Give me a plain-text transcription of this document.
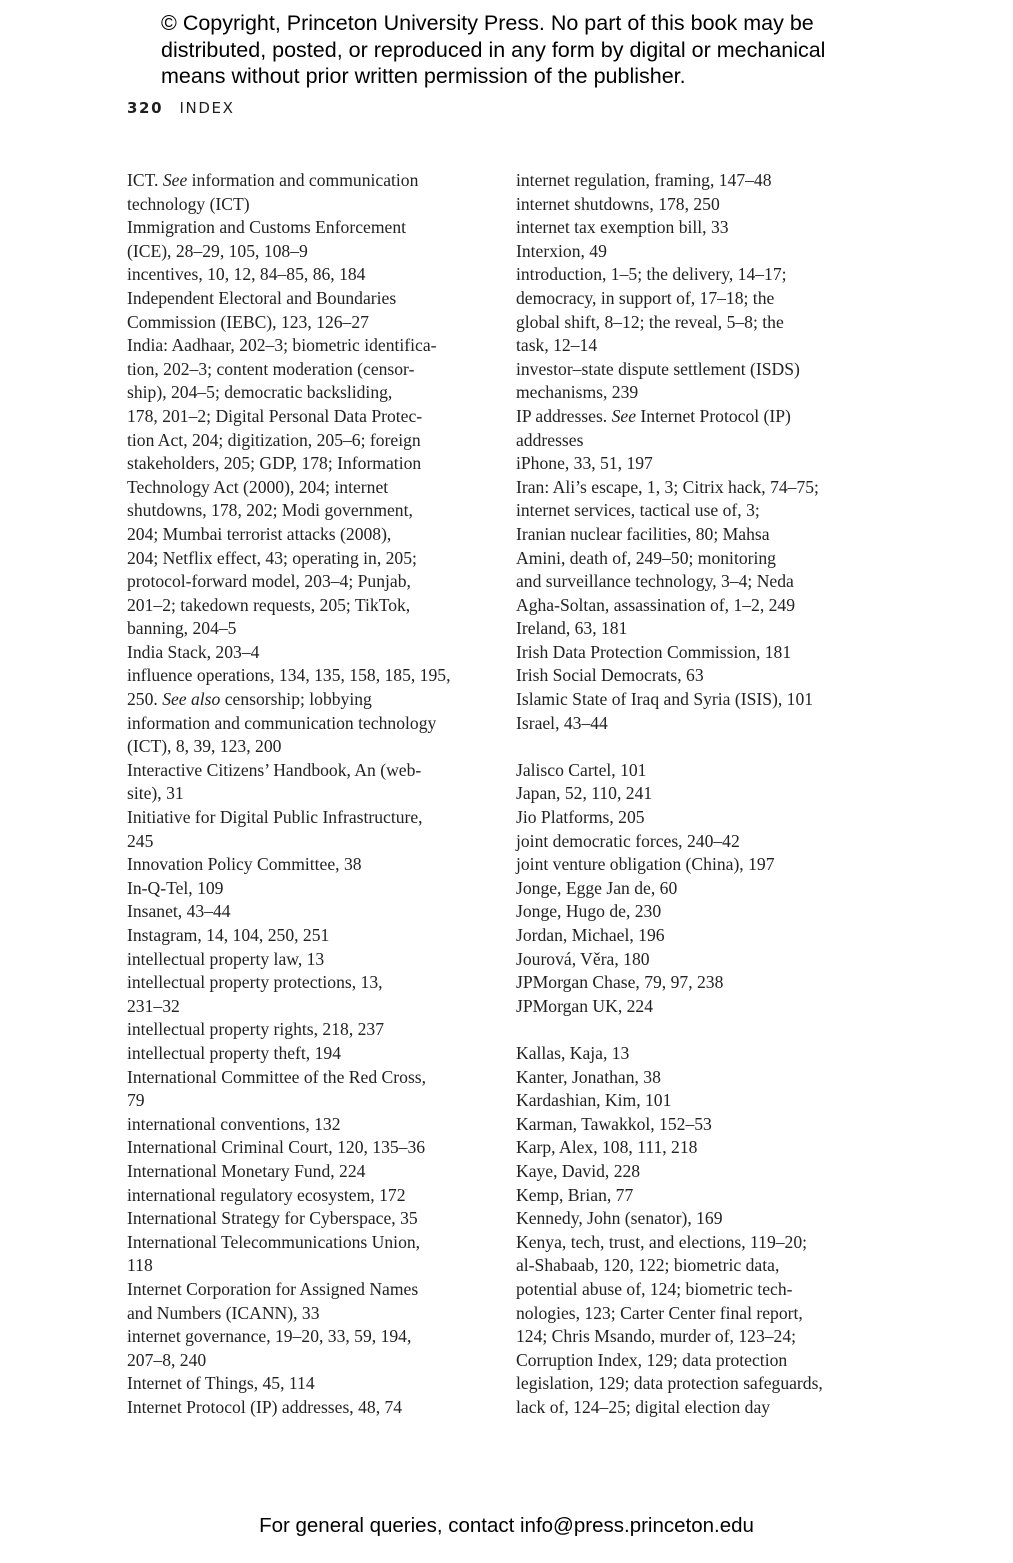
© Copyright, Princeton University Press. No part of this book may be
distributed, posted, or reproduced in any form by digital or mechanical
means without prior written permission of the publisher.
320 INDEX

ICT. See information and communication
technology (ICT)

Immigration and Customs Enforcement
(ICE), 28–29, 105, 108–9

incentives, 10, 12, 84–85, 86, 184

Independent Electoral and Boundaries
Commission (IEBC), 123, 126–27

India: Aadhaar, 202–3; biometric identifica-
tion, 202–3; content moderation (censor-
ship), 204–5; democratic backsliding,
178, 201–2; Digital Personal Data Protec-
tion Act, 204; digitization, 205–6; foreign
stakeholders, 205; GDP, 178; Information
Technology Act (2000), 204; internet
shutdowns, 178, 202; Modi government,
204; Mumbai terrorist attacks (2008),
204; Netflix effect, 43; operating in, 205;
protocol-forward model, 203–4; Punjab,
201–2; takedown requests, 205; TikTok,
banning, 204–5

India Stack, 203–4

influence operations, 134, 135, 158, 185, 195,
250. See also censorship; lobbying

information and communication technology
(ICT), 8, 39, 123, 200

Interactive Citizens’ Handbook, An (web-
site), 31

Initiative for Digital Public Infrastructure,
245

Innovation Policy Committee, 38

In-Q-Tel, 109

Insanet, 43–44

Instagram, 14, 104, 250, 251

intellectual property law, 13

intellectual property protections, 13,
231–32

intellectual property rights, 218, 237

intellectual property theft, 194

International Committee of the Red Cross,
79

international conventions, 132

International Criminal Court, 120, 135–36

International Monetary Fund, 224

international regulatory ecosystem, 172

International Strategy for Cyberspace, 35

International Telecommunications Union,
118

Internet Corporation for Assigned Names
and Numbers (ICANN), 33

internet governance, 19–20, 33, 59, 194,
207–8, 240

Internet of Things, 45, 114

Internet Protocol (IP) addresses, 48, 74

internet regulation, framing, 147–48

internet shutdowns, 178, 250

internet tax exemption bill, 33

Interxion, 49

introduction, 1–5; the delivery, 14–17;
democracy, in support of, 17–18; the
global shift, 8–12; the reveal, 5–8; the
task, 12–14

investor–state dispute settlement (ISDS)
mechanisms, 239

IP addresses. See Internet Protocol (IP)
addresses

iPhone, 33, 51, 197

Iran: Ali’s escape, 1, 3; Citrix hack, 74–75;
internet services, tactical use of, 3;
Iranian nuclear facilities, 80; Mahsa
Amini, death of, 249–50; monitoring
and surveillance technology, 3–4; Neda
Agha-Soltan, assassination of, 1–2, 249

Ireland, 63, 181

Irish Data Protection Commission, 181

Irish Social Democrats, 63

Islamic State of Iraq and Syria (ISIS), 101

Israel, 43–44

Jalisco Cartel, 101

Japan, 52, 110, 241

Jio Platforms, 205

joint democratic forces, 240–42

joint venture obligation (China), 197

Jonge, Egge Jan de, 60

Jonge, Hugo de, 230

Jordan, Michael, 196

Jourová, Věra, 180

JPMorgan Chase, 79, 97, 238

JPMorgan UK, 224

Kallas, Kaja, 13

Kanter, Jonathan, 38

Kardashian, Kim, 101

Karman, Tawakkol, 152–53

Karp, Alex, 108, 111, 218

Kaye, David, 228

Kemp, Brian, 77

Kennedy, John (senator), 169

Kenya, tech, trust, and elections, 119–20;
al-Shabaab, 120, 122; biometric data,
potential abuse of, 124; biometric tech-
nologies, 123; Carter Center final report,
124; Chris Msando, murder of, 123–24;
Corruption Index, 129; data protection
legislation, 129; data protection safeguards,
lack of, 124–25; digital election day

For general queries, contact info@press.princeton.edu
